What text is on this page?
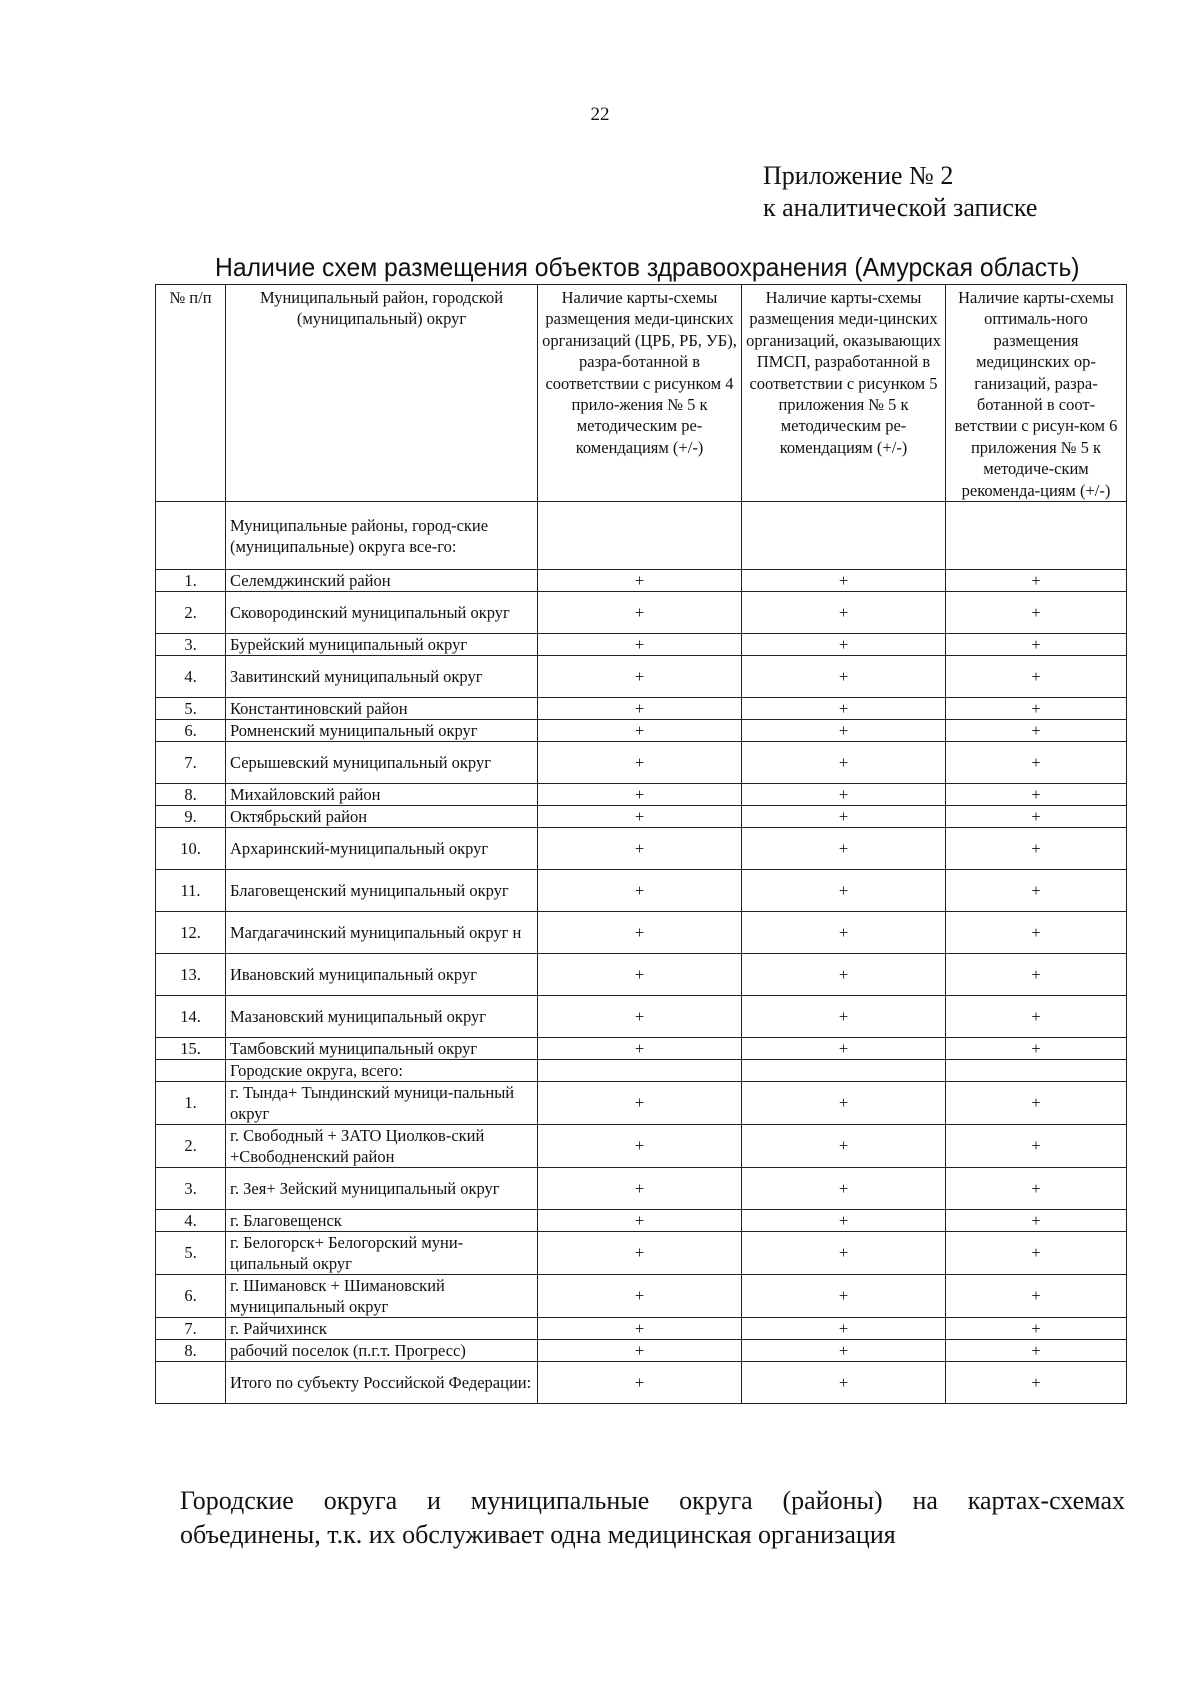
22
Приложение № 2
к аналитической записке
Наличие схем размещения объектов здравоохранения (Амурская область)
№ п/п	Муниципальный район, городской (муниципальный) округ	Наличие карты-схемы размещения меди-цинских организаций (ЦРБ, РБ, УБ), разра-ботанной в соответствии с рисунком 4 прило-жения № 5 к методическим ре-комендациям (+/-)	Наличие карты-схемы размещения меди-цинских организаций, оказывающих ПМСП, разработанной в соответствии с рисунком 5 приложения № 5 к методическим ре-комендациям (+/-)	Наличие карты-схемы оптималь-ного размещения медицинских ор-ганизаций, разра-ботанной в соот-ветствии с рисун-ком 6 приложения № 5 к методиче-ским рекоменда-циям (+/-)
	Муниципальные районы, город-ские (муниципальные) округа все-го:			
1.	Селемджинский район	+	+	+
2.	Сковородинский муниципальный округ	+	+	+
3.	Бурейский муниципальный округ	+	+	+
4.	Завитинский муниципальный округ	+	+	+
5.	Константиновский район	+	+	+
6.	Ромненский муниципальный округ	+	+	+
7.	Серышевский муниципальный округ	+	+	+
8.	Михайловский район	+	+	+
9.	Октябрьский район	+	+	+
10.	Архаринский-муниципальный округ	+	+	+
11.	Благовещенский муниципальный округ	+	+	+
12.	Магдагачинский муниципальный округ н	+	+	+
13.	Ивановский муниципальный округ	+	+	+
14.	Мазановский муниципальный округ	+	+	+
15.	Тамбовский муниципальный округ	+	+	+
	Городские округа, всего:			
1.	г. Тында+ Тындинский муници-пальный округ	+	+	+
2.	г. Свободный + ЗАТО Циолков-ский +Свободненский район	+	+	+
3.	г. Зея+ Зейский муниципальный округ	+	+	+
4.	г. Благовещенск	+	+	+
5.	г. Белогорск+ Белогорский муни-ципальный округ	+	+	+
6.	г. Шимановск + Шимановский муниципальный округ	+	+	+
7.	г. Райчихинск	+	+	+
8.	рабочий поселок (п.г.т. Прогресс)	+	+	+
	Итого по субъекту Российской Федерации:	+	+	+
Городские округа и муниципальные округа (районы) на картах-схемах
объединены, т.к. их обслуживает одна медицинская организация
